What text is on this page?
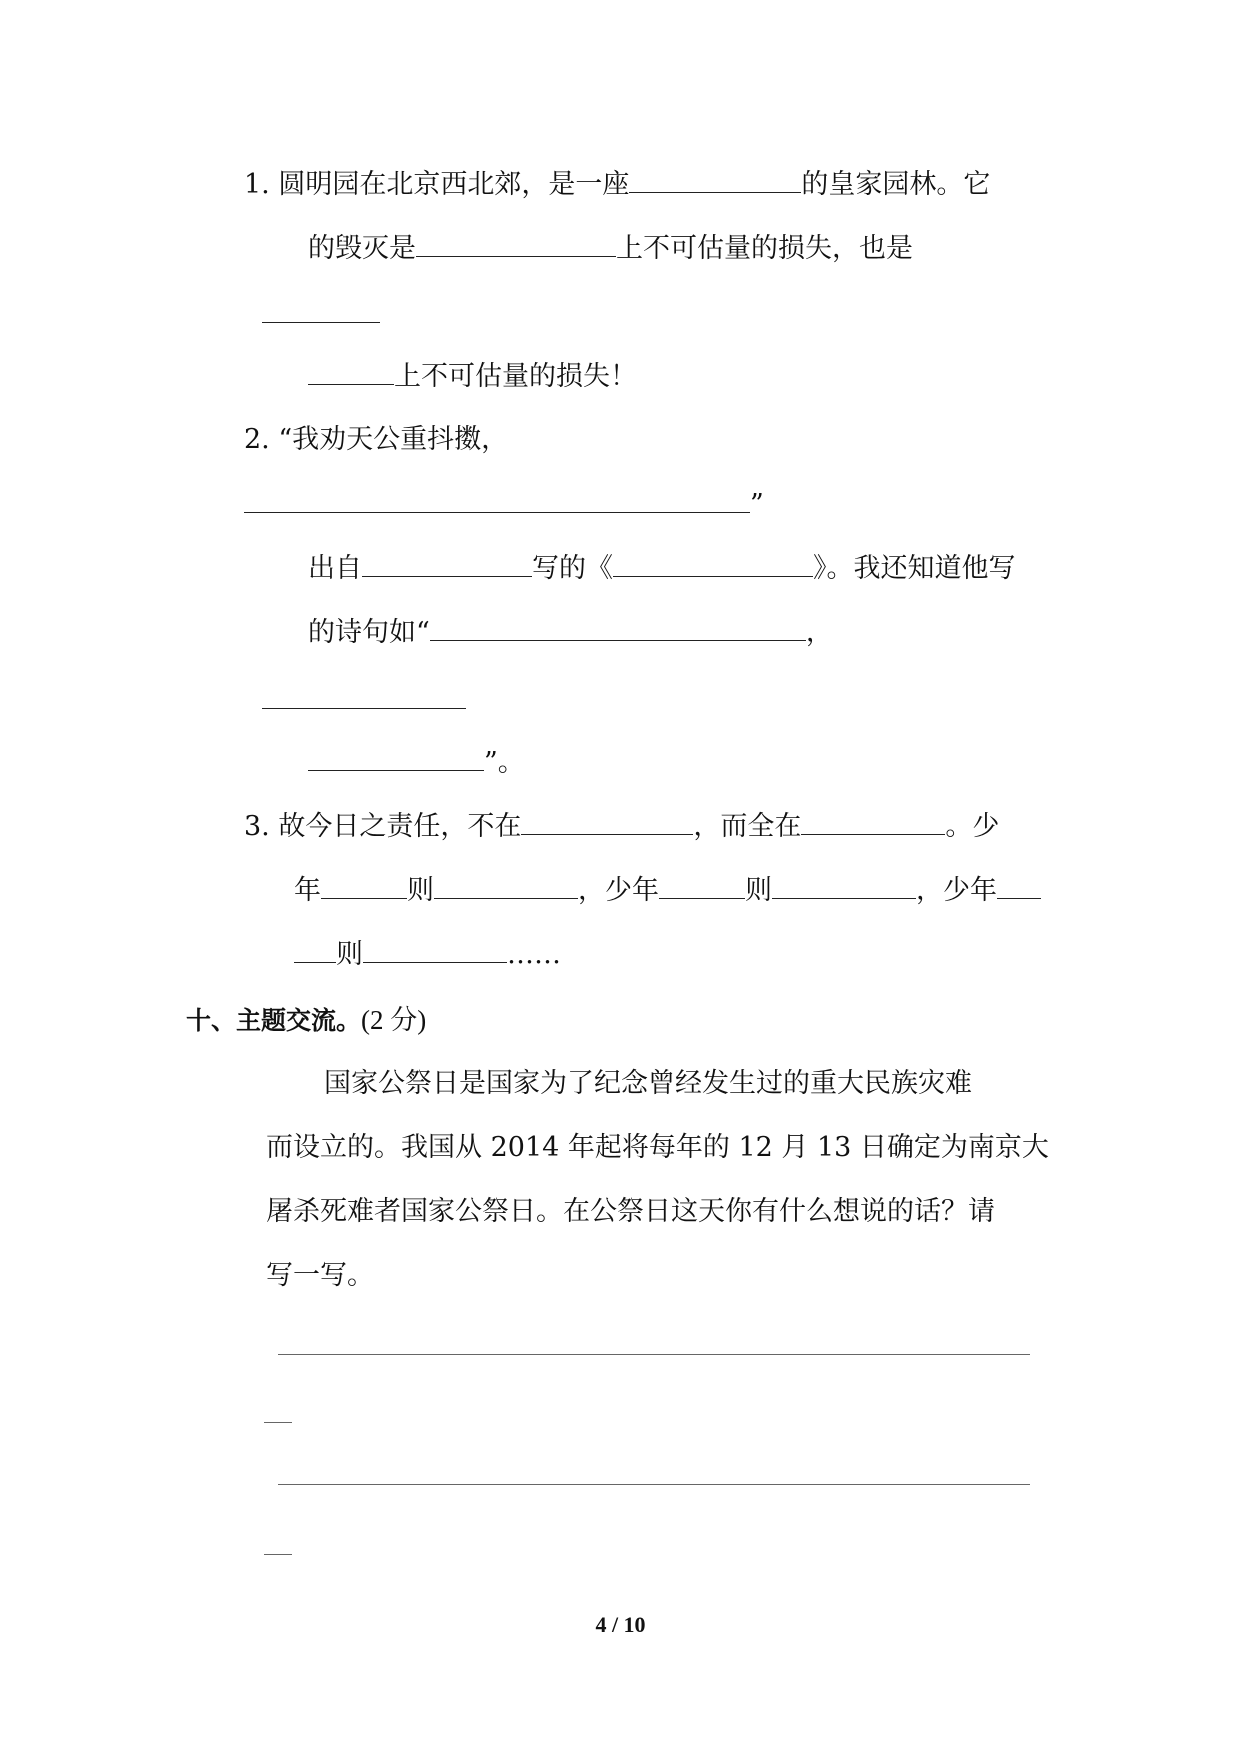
1. 圆明园在北京西北郊，是一座	的皇家园林。它
的毁灭是	上不可估量的损失，也是
上不可估量的损失！
2. “我劝天公重抖擞，
”
出自	写的《	》。我还知道他写
的诗句如“	，
”。
3. 故今日之责任，不在	，而全在	。少
年	则	，少年	则	，少年
则	……
十、主题交流。(2 分)
国家公祭日是国家为了纪念曾经发生过的重大民族灾难
而设立的。我国从 2014 年起将每年的 12 月 13 日确定为南京大
屠杀死难者国家公祭日。在公祭日这天你有什么想说的话？请
写一写。
4 / 10
